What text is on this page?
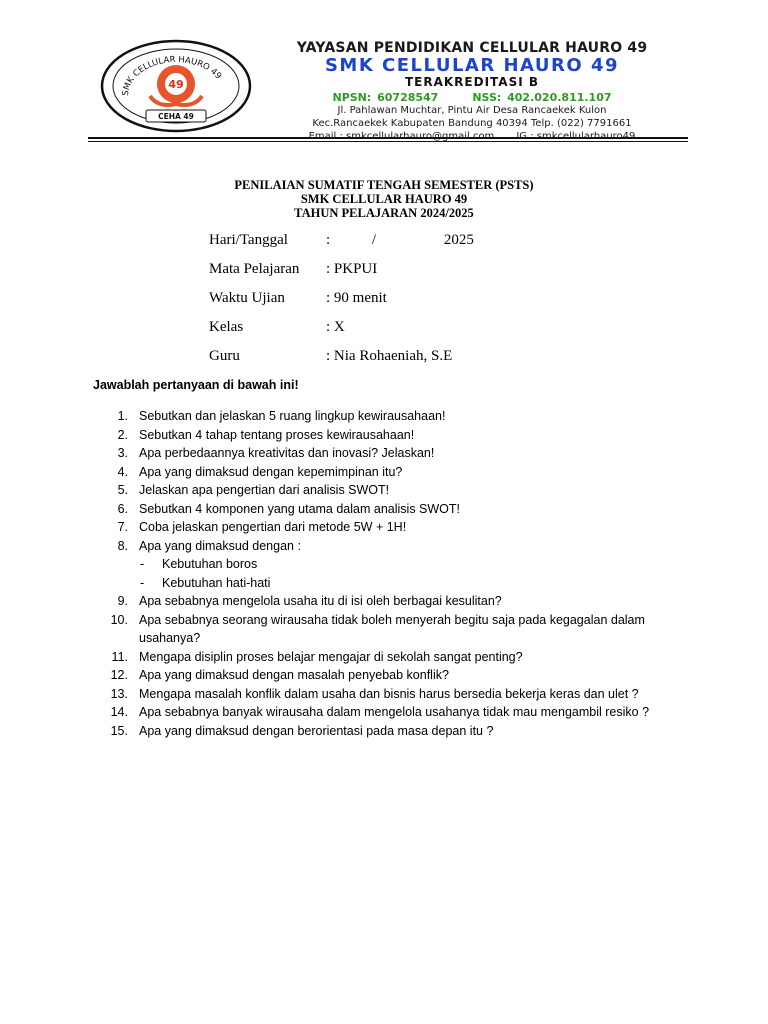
SMK CELLULAR HAURO 49
49
CEHA 49
YAYASAN PENDIDIKAN CELLULAR HAURO 49
SMK CELLULAR HAURO 49
TERAKREDITASI B
NPSN: 60728547	NSS: 402.020.811.107
Jl. Pahlawan Muchtar, Pintu Air Desa Rancaekek Kulon
Kec.Rancaekek Kabupaten Bandung 40394 Telp. (022) 7791661
PENILAIAN SUMATIF TENGAH SEMESTER (PSTS)
SMK CELLULAR HAURO 49
TAHUN PELAJARAN 2024/2025
Hari/Tanggal	:	/	2025
Mata Pelajaran : PKPUI
Waktu Ujian	: 90 menit
Kelas	: X
Guru	: Nia Rohaeniah, S.E
Jawablah pertanyaan di bawah ini!
1. Sebutkan dan jelaskan 5 ruang lingkup kewirausahaan!
2. Sebutkan 4 tahap tentang proses kewirausahaan!
3. Apa perbedaannya kreativitas dan inovasi? Jelaskan!
4. Apa yang dimaksud dengan kepemimpinan itu?
5. Jelaskan apa pengertian dari analisis SWOT!
6. Sebutkan 4 komponen yang utama dalam analisis SWOT!
7. Coba jelaskan pengertian dari metode 5W + 1H!
8. Apa yang dimaksud dengan :
- Kebutuhan boros
- Kebutuhan hati-hati
9. Apa sebabnya mengelola usaha itu di isi oleh berbagai kesulitan?
10. Apa sebabnya seorang wirausaha tidak boleh menyerah begitu saja pada kegagalan dalam usahanya?
11. Mengapa disiplin proses belajar mengajar di sekolah sangat penting?
12. Apa yang dimaksud dengan masalah penyebab konflik?
13. Mengapa masalah konflik dalam usaha dan bisnis harus bersedia bekerja keras dan ulet ?
14. Apa sebabnya banyak wirausaha dalam mengelola usahanya tidak mau mengambil resiko ?
15. Apa yang dimaksud dengan berorientasi pada masa depan itu ?
